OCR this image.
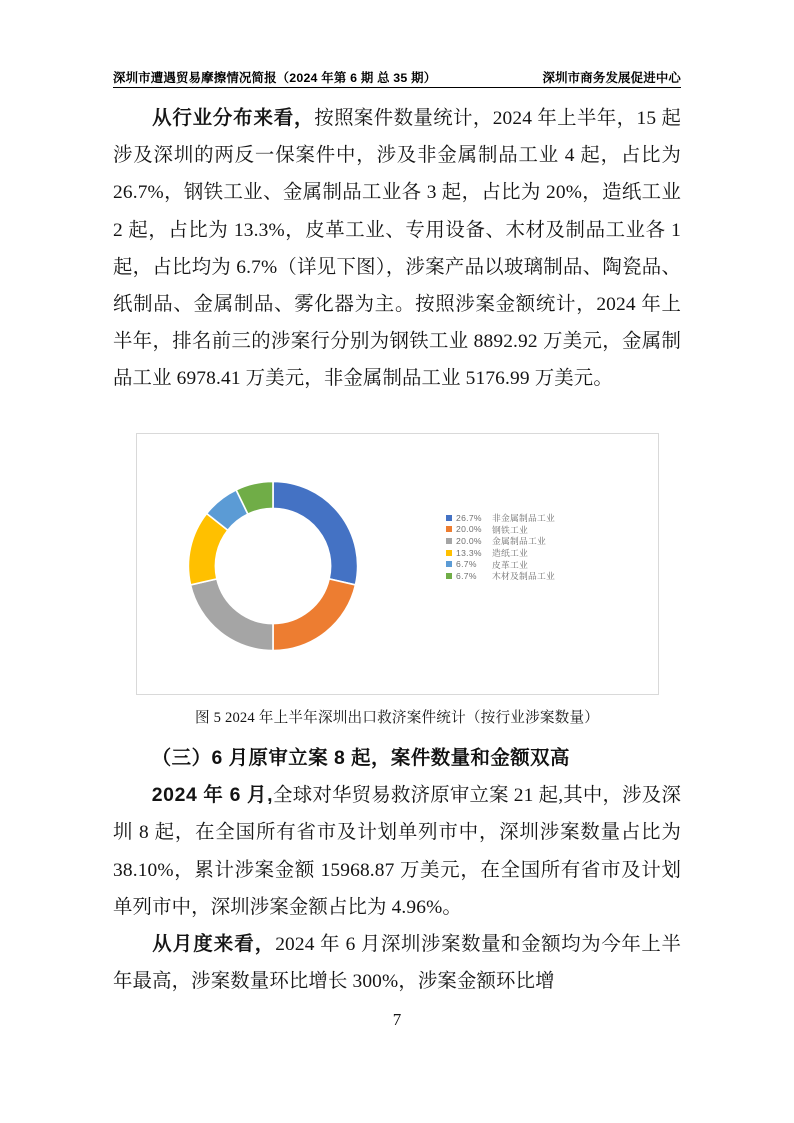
深圳市遭遇贸易摩擦情况简报（2024 年第 6 期 总 35 期）	深圳市商务发展促进中心

从行业分布来看，按照案件数量统计，2024 年上半年，15 起涉及深圳的两反一保案件中，涉及非金属制品工业 4 起，占比为 26.7%，钢铁工业、金属制品工业各 3 起，占比为 20%，造纸工业 2 起，占比为 13.3%，皮革工业、专用设备、木材及制品工业各 1 起，占比均为 6.7%（详见下图），涉案产品以玻璃制品、陶瓷品、纸制品、金属制品、雾化器为主。按照涉案金额统计，2024 年上半年，排名前三的涉案行分别为钢铁工业 8892.92 万美元，金属制品工业 6978.41 万美元，非金属制品工业 5176.99 万美元。

26.7%	非金属制品工业
20.0%	钢铁工业
20.0%	金属制品工业
13.3%	造纸工业
6.7%	皮革工业
6.7%	木材及制品工业
图 5 2024 年上半年深圳出口救济案件统计（按行业涉案数量）

（三）6 月原审立案 8 起，案件数量和金额双高

2024 年 6 月,全球对华贸易救济原审立案 21 起,其中，涉及深圳 8 起，在全国所有省市及计划单列市中，深圳涉案数量占比为 38.10%，累计涉案金额 15968.87 万美元，在全国所有省市及计划单列市中，深圳涉案金额占比为 4.96%。

从月度来看，2024 年 6 月深圳涉案数量和金额均为今年上半年最高，涉案数量环比增长 300%，涉案金额环比增

7
